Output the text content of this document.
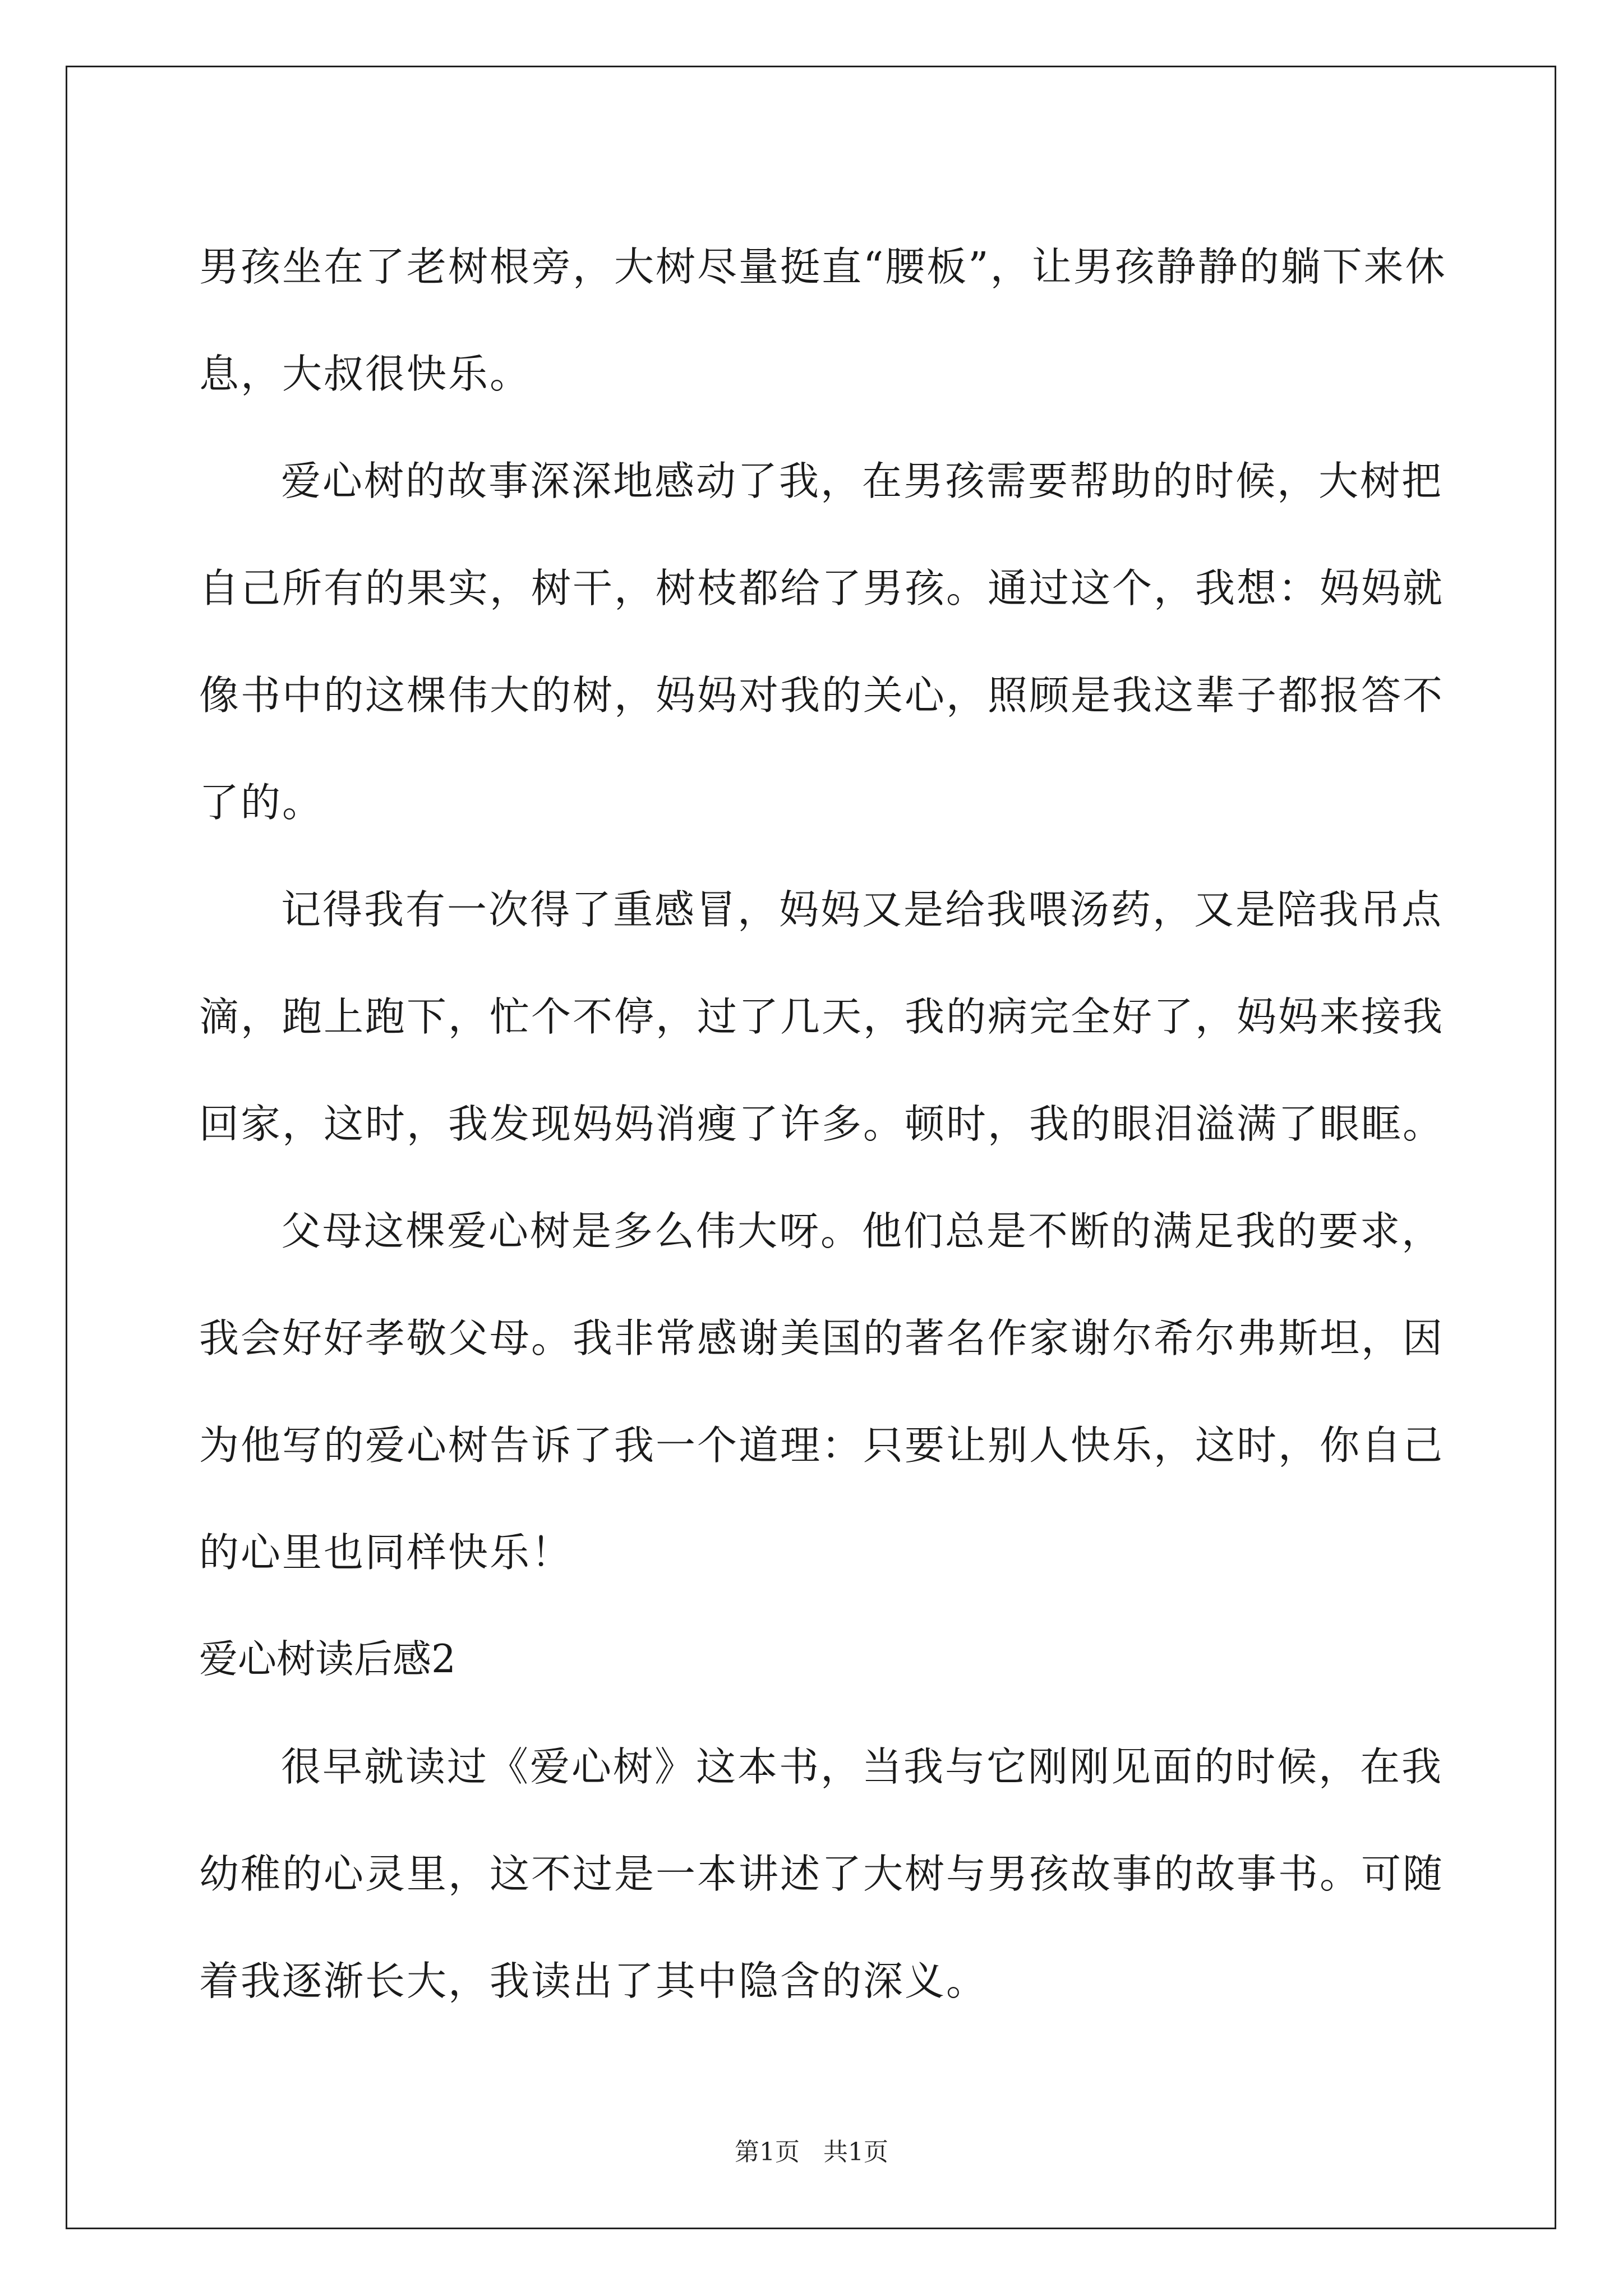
男孩坐在了老树根旁，大树尽量挺直“腰板”，让男孩静静的躺下来休
息，大叔很快乐。
爱心树的故事深深地感动了我，在男孩需要帮助的时候，大树把
自己所有的果实，树干，树枝都给了男孩。通过这个，我想：妈妈就
像书中的这棵伟大的树，妈妈对我的关心，照顾是我这辈子都报答不
了的。
记得我有一次得了重感冒，妈妈又是给我喂汤药，又是陪我吊点
滴，跑上跑下，忙个不停，过了几天，我的病完全好了，妈妈来接我
回家，这时，我发现妈妈消瘦了许多。顿时，我的眼泪溢满了眼眶。
父母这棵爱心树是多么伟大呀。他们总是不断的满足我的要求，
我会好好孝敬父母。我非常感谢美国的著名作家谢尔希尔弗斯坦，因
为他写的爱心树告诉了我一个道理：只要让别人快乐，这时，你自己
的心里也同样快乐！
爱心树读后感2
很早就读过《爱心树》这本书，当我与它刚刚见面的时候，在我
幼稚的心灵里，这不过是一本讲述了大树与男孩故事的故事书。可随
着我逐渐长大，我读出了其中隐含的深义。
第1页 共1页
